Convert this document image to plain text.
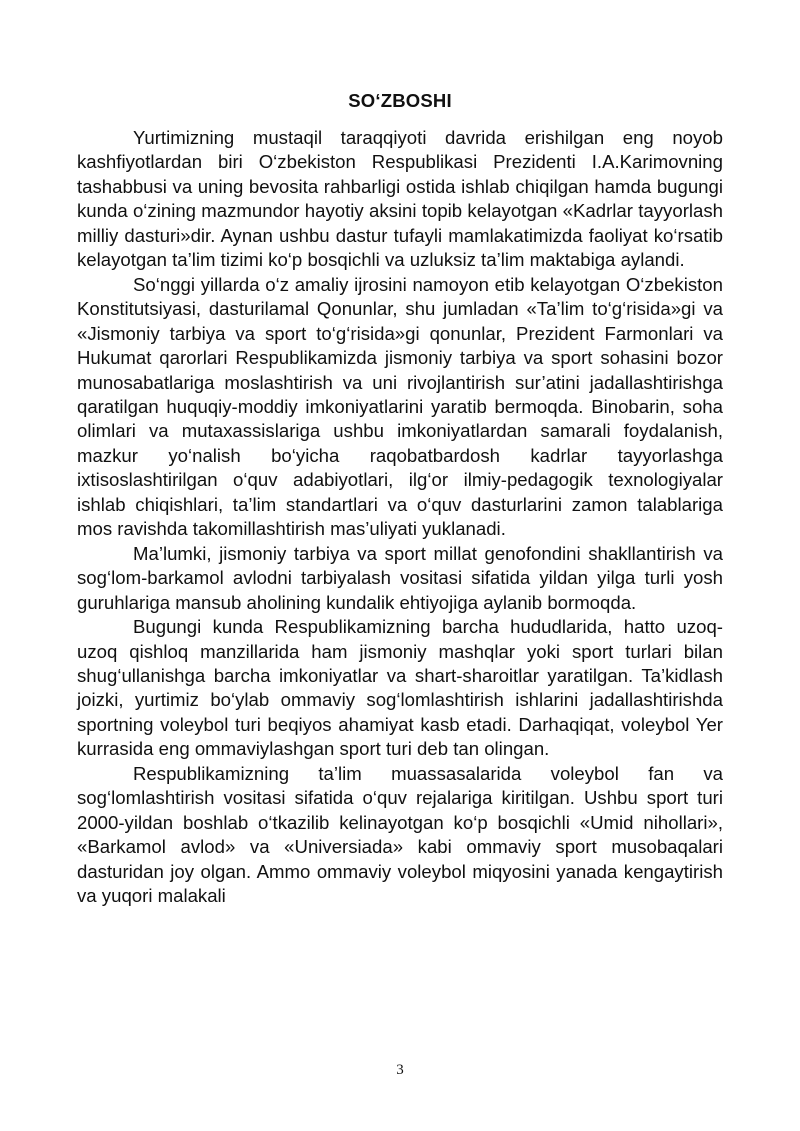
SO‘ZBOSHI

Yurtimizning mustaqil taraqqiyoti davrida erishilgan eng noyob kashfiyotlardan biri O‘zbekiston Respublikasi Prezidenti I.A.Karimovning tashabbusi va uning bevosita rahbarligi ostida ishlab chiqilgan hamda bugungi kunda o‘zining mazmundor hayotiy aksini topib kelayotgan «Kadrlar tayyorlash milliy dasturi»dir. Aynan ushbu dastur tufayli mamlakatimizda faoliyat ko‘rsatib kelayotgan ta’lim tizimi ko‘p bosqichli va uzluksiz ta’lim maktabiga aylandi.

So‘nggi yillarda o‘z amaliy ijrosini namoyon etib kelayotgan O‘zbekiston Konstitutsiyasi, dasturilamal Qonunlar, shu jumladan «Ta’lim to‘g‘risida»gi va «Jismoniy tarbiya va sport to‘g‘risida»gi qonunlar, Prezident Farmonlari va Hukumat qarorlari Respublikamizda jismoniy tarbiya va sport sohasini bozor munosabatlariga moslashtirish va uni rivojlantirish sur’atini jadallashtirishga qaratilgan huquqiy-moddiy imkoniyatlarini yaratib bermoqda. Binobarin, soha olimlari va mutaxassislariga ushbu imkoniyatlardan samarali foydalanish, mazkur yo‘nalish bo‘yicha raqobatbardosh kadrlar tayyorlashga ixtisoslashtirilgan o‘quv adabiyotlari, ilg‘or ilmiy-pedagogik texnologiyalar ishlab chiqishlari, ta’lim standartlari va o‘quv dasturlarini zamon talablariga mos ravishda takomillashtirish mas’uliyati yuklanadi.

Ma’lumki, jismoniy tarbiya va sport millat genofondini shakllantirish va sog‘lom-barkamol avlodni tarbiyalash vositasi sifatida yildan yilga turli yosh guruhlariga mansub aholining kundalik ehtiyojiga aylanib bormoqda.

Bugungi kunda Respublikamizning barcha hududlarida, hatto uzoq-uzoq qishloq manzillarida ham jismoniy mashqlar yoki sport turlari bilan shug‘ullanishga barcha imkoniyatlar va shart-sharoitlar yaratilgan. Ta’kidlash joizki, yurtimiz bo‘ylab ommaviy sog‘lomlashtirish ishlarini jadallashtirishda sportning voleybol turi beqiyos ahamiyat kasb etadi. Darhaqiqat, voleybol Yer kurrasida eng ommaviylashgan sport turi deb tan olingan.

Respublikamizning ta’lim muassasalarida voleybol fan va sog‘lomlashtirish vositasi sifatida o‘quv rejalariga kiritilgan. Ushbu sport turi 2000-yildan boshlab o‘tkazilib kelinayotgan ko‘p bosqichli «Umid nihollari», «Barkamol avlod» va «Universiada» kabi ommaviy sport musobaqalari dasturidan joy olgan. Ammo ommaviy voleybol miqyosini yanada kengaytirish va yuqori malakali

3
